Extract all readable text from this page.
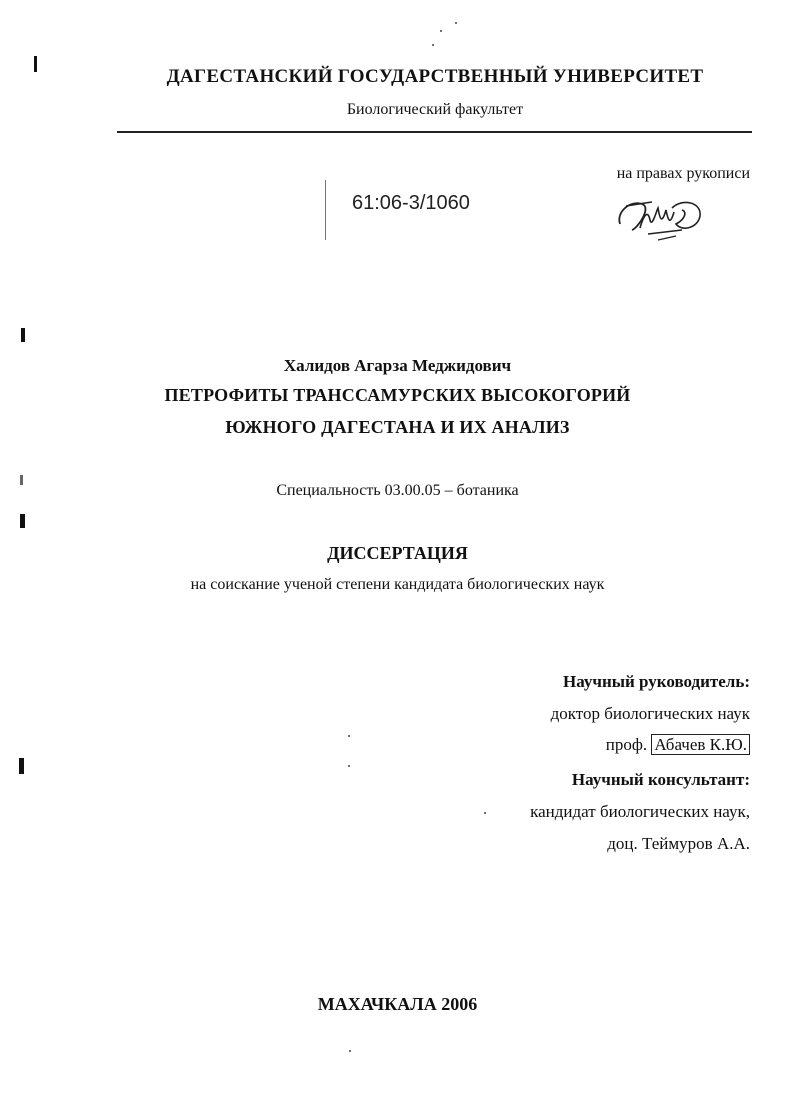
ДАГЕСТАНСКИЙ ГОСУДАРСТВЕННЫЙ УНИВЕРСИТЕТ
Биологический факультет
на правах рукописи
61:06-3/1060
Халидов Агарза Меджидович
ПЕТРОФИТЫ ТРАНССАМУРСКИХ ВЫСОКОГОРИЙ
ЮЖНОГО ДАГЕСТАНА И ИХ АНАЛИЗ
Специальность 03.00.05 – ботаника
ДИССЕРТАЦИЯ
на соискание ученой степени кандидата биологических наук
Научный руководитель:
доктор биологических наук
проф. Абачев К.Ю.
Научный консультант:
кандидат биологических наук,
доц. Теймуров А.А.
МАХАЧКАЛА 2006
